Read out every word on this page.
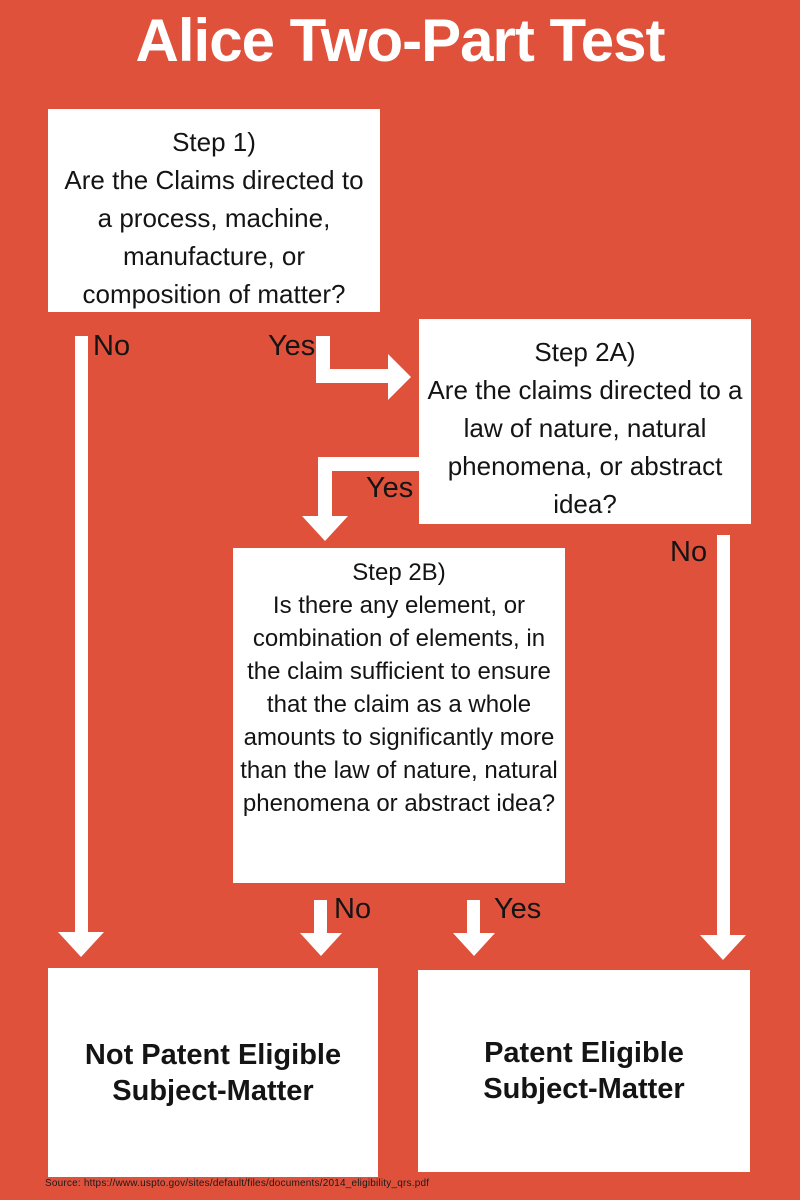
Alice Two-Part Test
Step 1)
Are the Claims directed to a process, machine, manufacture, or composition of matter?
No	Yes	Step 2A)
Are the claims directed to a law of nature, natural phenomena, or abstract idea?
Yes
No
Step 2B)
Is there any element, or combination of elements, in the claim sufficient to ensure that the claim as a whole amounts to significantly more than the law of nature, natural phenomena or abstract idea?
No	Yes
Not Patent Eligible Subject-Matter
Patent Eligible Subject-Matter
Source: https://www.uspto.gov/sites/default/files/documents/2014_eligibility_qrs.pdf
